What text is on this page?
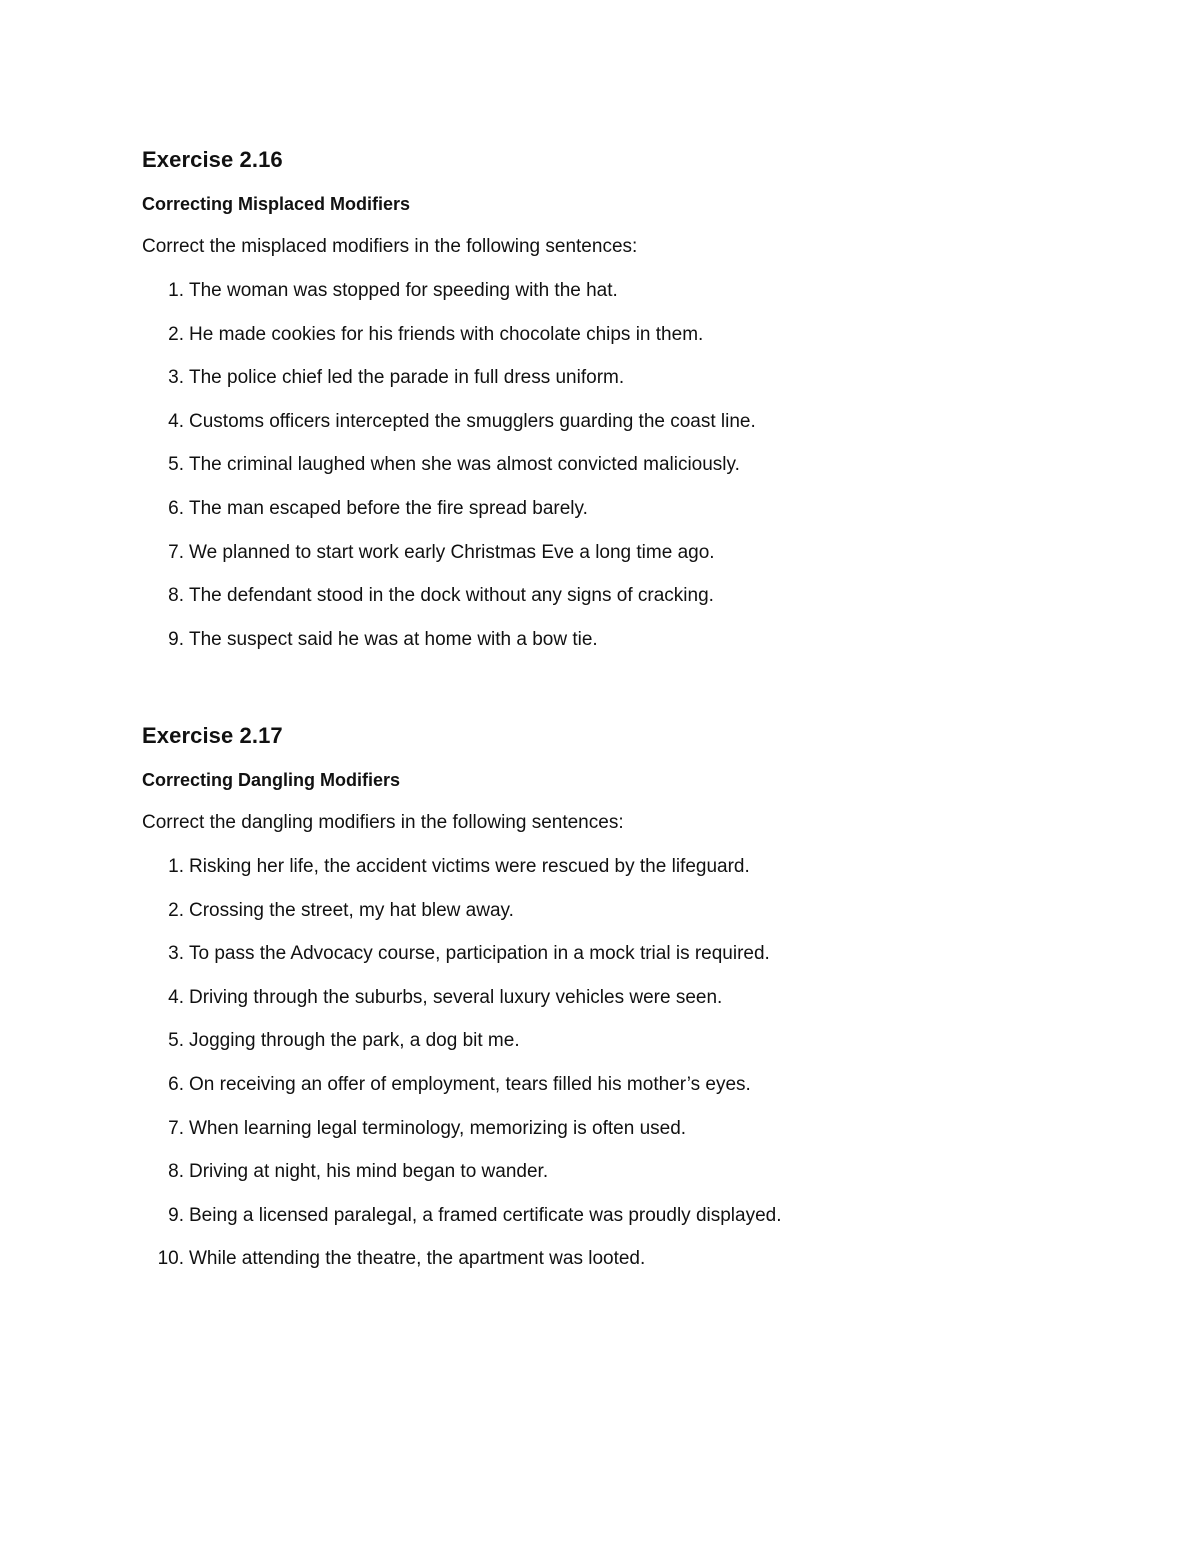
Exercise 2.16
Correcting Misplaced Modifiers
Correct the misplaced modifiers in the following sentences:
1. The woman was stopped for speeding with the hat.
2. He made cookies for his friends with chocolate chips in them.
3. The police chief led the parade in full dress uniform.
4. Customs officers intercepted the smugglers guarding the coast line.
5. The criminal laughed when she was almost convicted maliciously.
6. The man escaped before the fire spread barely.
7. We planned to start work early Christmas Eve a long time ago.
8. The defendant stood in the dock without any signs of cracking.
9. The suspect said he was at home with a bow tie.
Exercise 2.17
Correcting Dangling Modifiers
Correct the dangling modifiers in the following sentences:
1. Risking her life, the accident victims were rescued by the lifeguard.
2. Crossing the street, my hat blew away.
3. To pass the Advocacy course, participation in a mock trial is required.
4. Driving through the suburbs, several luxury vehicles were seen.
5. Jogging through the park, a dog bit me.
6. On receiving an offer of employment, tears filled his mother’s eyes.
7. When learning legal terminology, memorizing is often used.
8. Driving at night, his mind began to wander.
9. Being a licensed paralegal, a framed certificate was proudly displayed.
10. While attending the theatre, the apartment was looted.
